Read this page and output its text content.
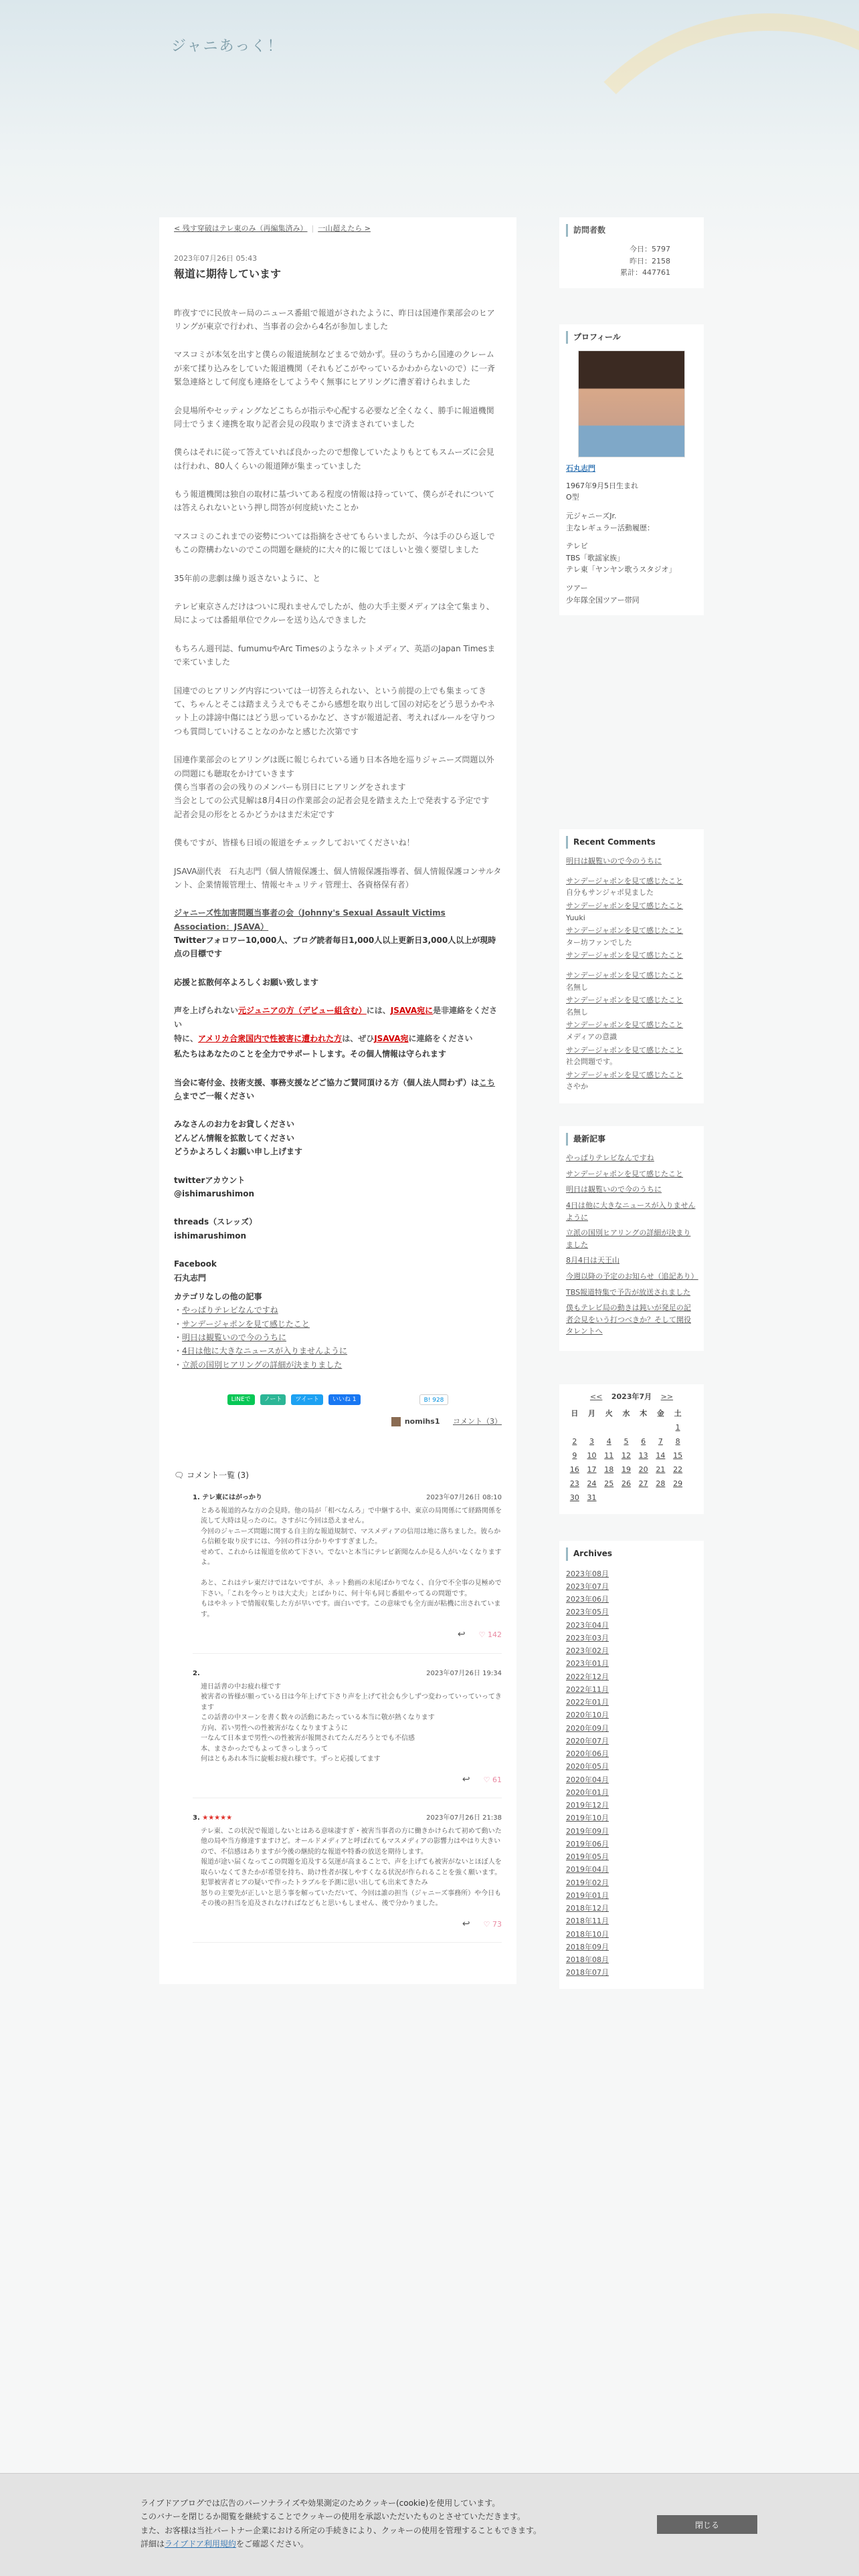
ジャニあっく！
< 残す穿破はテレ東のみ（再編集済み） | 一山超えたら >
2023年07月26日 05:43
報道に期待しています

昨夜すでに民放キー局のニュース番組で報道がされたように、昨日は国連作業部会のヒアリングが東京で行われ、当事者の会から4名が参加しました

マスコミが本気を出すと僕らの報道統制などまるで効かず。昼のうちから国連のクレームが来て揉り込みをしていた報道機関（それもどこがやっているかわからないので）に一斉緊急連絡として何度も連絡をしてようやく無事にヒアリングに漕ぎ着けられました

会見場所やセッティングなどこちらが指示や心配する必要など全くなく、勝手に報道機関同士でうまく連携を取り記者会見の段取りまで済まされていました

僕らはそれに従って答えていれば良かったので想像していたよりもとてもスムーズに会見は行われ、80人くらいの報道陣が集まっていました

もう報道機関は独自の取材に基づいてある程度の情報は持っていて、僕らがそれについては答えられないという押し問答が何度続いたことか

マスコミのこれまでの姿勢については指摘をさせてもらいましたが、今は手のひら返しでもこの際構わないのでこの問題を継続的に大々的に報じてほしいと強く要望しました

35年前の悲劇は繰り返さないように、と

テレビ東京さんだけはついに現れませんでしたが、他の大手主要メディアは全て集まり、局によっては番組単位でクルーを送り込んできました

もちろん週刊誌、fumumuやArc Timesのようなネットメディア、英語のJapan Timesまで来ていました

国連でのヒアリング内容については一切答えられない、という前提の上でも集まってきて、ちゃんとそこは踏まえうえでもそこから感想を取り出して国の対応をどう思うかやネット上の誹謗中傷にはどう思っているかなど、さすが報道記者、考えればルールを守りつつも質問していけることなのかなと感じた次第です

国連作業部会のヒアリングは既に報じられている通り日本各地を巡りジャニーズ問題以外の問題にも聴取をかけていきます
僕ら当事者の会の残りのメンバーも別日にヒアリングをされます
当会としての公式見解は8月4日の作業部会の記者会見を踏まえた上で発表する予定です
記者会見の形をとるかどうかはまだ未定です

僕もですが、皆様も日頃の報道をチェックしておいてくださいね！

JSAVA副代表　石丸志門（個人情報保護士、個人情報保護指導者、個人情報保護コンサルタント、企業情報管理士、情報セキュリティ管理士、各資格保有者）

ジャニーズ性加害問題当事者の会（Johnny's Sexual Assault Victims Association：JSAVA）
Twitterフォロワー10,000人、ブログ読者毎日1,000人以上更新日3,000人以上が現時点の目標です

応援と拡散何卒よろしくお願い致します

声を上げられない元ジュニアの方（デビュー組含む）には、JSAVA宛に是非連絡をください
特に、アメリカ合衆国内で性被害に遭われた方は、ぜひJSAVA宛に連絡をください

私たちはあなたのことを全力でサポートします。その個人情報は守られます

当会に寄付金、技術支援、事務支援などご協力ご賛同頂ける方（個人法人問わず）はこちらまでご一報ください

みなさんのお力をお貸しください
どんどん情報を拡散してください
どうかよろしくお願い申し上げます

twitterアカウント
@ishimarushimon

threads（スレッズ）
ishimarushimon

Facebook
石丸志門

カテゴリなしの他の記事
・ やっぱりテレビなんですね
・ サンデージャポンを見て感じたこと
・ 明日は観覧いので今のうちに
・ 4日は他に大きなニュースが入りませんように
・ 立派の国別ヒアリングの詳細が決まりました
LINEで	ノート	ツイート	いいね 1	B! 928
nomihs1 コメント（3）
🗨 コメント一覧 (3)
1. テレ東にはがっかり	2023年07月26日 08:10
とある報道的みな方の会見時。他の局が「相べなんろ」で中継する中、東京の局関係にて経路関係を流して大時は見ったのに。さすがに今回は恐えません。
今回のジャニーズ問題に関する自主的な報道規制で、マスメディアの信用は地に落ちました。彼らから信頼を取り戻すには、今回の件は分かりやすすぎました。
せめて、これからは報道を依めて下さい。でないと本当にテレビ新聞なんか見る人がいなくなりますよ。

あと、これはテレ東だけではないですが、ネット動画の末尾ばかりでなく、自分で不全事の見極めで下さい。「これを今っとりは大丈夫」とばかりに、何十年も同じ番組やってるの問題です。
もはやネットで情報収集した方が早いです。面白いです。この意味でも全方面が粘機に出されています。
↩ ♡ 142
2.	2023年07月26日 19:34
連日話書の中お疲れ様です
被害者の皆様が願っている日は今年上げて下さり声を上げて社会も少しずつ変わっていっていってきます
この話書の中ヌーンを書く数々の活動にあたっている本当に敬が熱くなります
方向、若い男性への性被害がなくなりますように
一なんて日本まで男性への性被害が報開されてたんだろうとでも不信感
本、まさかったでもよってきっしまうって
何はともあれ本当に旋帳お疲れ様です。ずっと応援してます
↩ ♡ 61
3. ★★★★★	2023年07月26日 21:38
テレ東、この状況で報道しないとはある意味凄すぎ・被害当事者の方に働きかけられて初めて動いた他の局や当方修達すますけど。オールドメディアと呼ばれてもマスメディアの影響力はやはり大きいので、不信感はありますが今後の継続的な報道や特番の放送を期待します。
報道が途い届くなってこの問題を追及する気運が高まることで、声を上げても被害がないとほぼ人を取らいなくてきたかが希望を持ち、助け性者が探しやすくなる状況が作られることを強く願います。
犯罪被害者ヒアの疑いで作ったトラブルを予測に思い出しても出来てきたみ
怒りの主要先が正しいと思う事を解っていただいて、今回は誰の担当（ジャニーズ事務所）や今日もその後の担当を追及されなければなどもと思いもしません、後で分かりました。
↩ ♡ 73
訪問者数
今日：5797
昨日：2158
累計：447761
プロフィール
石丸志門
1967年9月5日生まれ
O型
元ジャニーズJr.
主なレギュラー活動履歴：
テレビ
TBS「歌謡家族」
テレ東「ヤンヤン歌うスタジオ」
ツアー
少年隊全国ツアー帯同
Recent Comments
明日は観覧いので今のうちに
サンデージャポンを見て感じたこと
自分もサンジャポ見ました
サンデージャポンを見て感じたこと
Yuuki
サンデージャポンを見て感じたこと
ター坊ファンでした
サンデージャポンを見て感じたこと
サンデージャポンを見て感じたこと
名無し
サンデージャポンを見て感じたこと
名無し
サンデージャポンを見て感じたこと
メディアの意識
サンデージャポンを見て感じたこと
社会問題です。
サンデージャポンを見て感じたこと
さやか
最新記事
やっぱりテレビなんですね
サンデージャポンを見て感じたこと
明日は観覧いので今のうちに
4日は他に大きなニュースが入りませんように
立派の国別ヒアリングの詳細が決まりました
8月4日は天王山
今週以降の予定のお知らせ（追記あり）
TBS報道特集で予告が放送されました
僕もテレビ局の動きは鈍いが発足の記者会見をいう打つべきか？そして開役タレントへ
<< 2023年7月 >>
日	月	火	水	木	金	土
						1
2	3	4	5	6	7	8
9	10	11	12	13	14	15
16	17	18	19	20	21	22
23	24	25	26	27	28	29
30	31					
Archives
2023年08月
2023年07月
2023年06月
2023年05月
2023年04月
2023年03月
2023年02月
2023年01月
2022年12月
2022年11月
2022年01月
2020年10月
2020年09月
2020年07月
2020年06月
2020年05月
2020年04月
2020年01月
2019年12月
2019年10月
2019年09月
2019年06月
2019年05月
2019年04月
2019年02月
2019年01月
2018年12月
2018年11月
2018年10月
2018年09月
2018年08月
2018年07月
ライブドアブログでは広告のパーソナライズや効果測定のためクッキー(cookie)を使用しています。
このバナーを閉じるか閲覧を継続することでクッキーの使用を承認いただいたものとさせていただきます。
また、お客様は当社パートナー企業における所定の手続きにより、クッキーの使用を管理することもできます。
詳細はライブドア利用規約をご確認ください。
閉じる
